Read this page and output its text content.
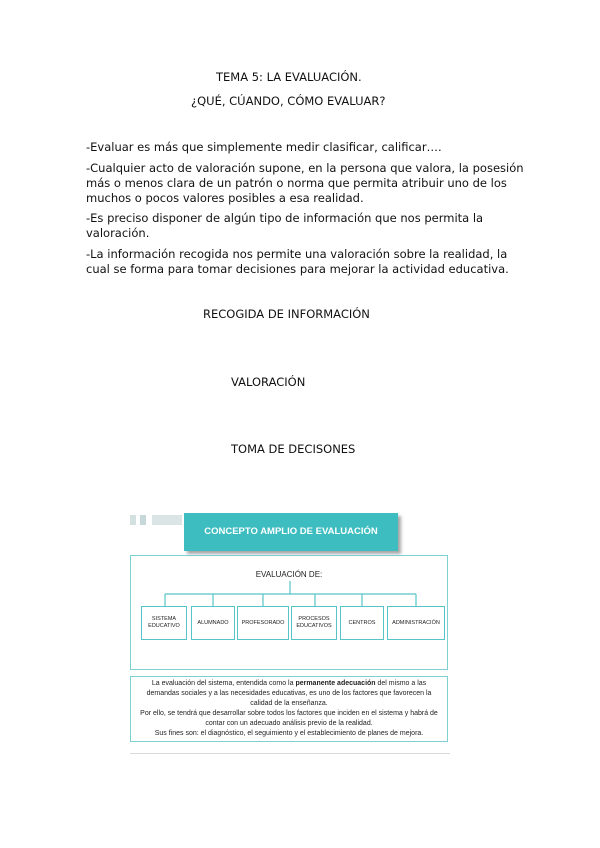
TEMA 5: LA EVALUACIÓN.
¿QUÉ, CÚANDO, CÓMO EVALUAR?
-Evaluar es más que simplemente medir clasificar, calificar….
-Cualquier acto de valoración supone, en la persona que valora, la posesión más o menos clara de un patrón o norma que permita atribuir uno de los muchos o pocos valores posibles a esa realidad.
-Es preciso disponer de algún tipo de información que nos permita la valoración.
-La información recogida nos permite una valoración sobre la realidad, la cual se forma para tomar decisiones para mejorar la actividad educativa.
RECOGIDA DE INFORMACIÓN
VALORACIÓN
TOMA DE DECISONES
CONCEPTO AMPLIO DE EVALUACIÓN
EVALUACIÓN DE:
SISTEMA EDUCATIVO
ALUMNADO	PROFESORADO
PROCESOS EDUCATIVOS
CENTROS	ADMINISTRACIÓN
La evaluación del sistema, entendida como la permanente adecuación del mismo a las demandas sociales y a las necesidades educativas, es uno de los factores que favorecen la calidad de la enseñanza.
Por ello, se tendrá que desarrollar sobre todos los factores que inciden en el sistema y habrá de contar con un adecuado análisis previo de la realidad.
Sus fines son: el diagnóstico, el seguimiento y el establecimiento de planes de mejora.
